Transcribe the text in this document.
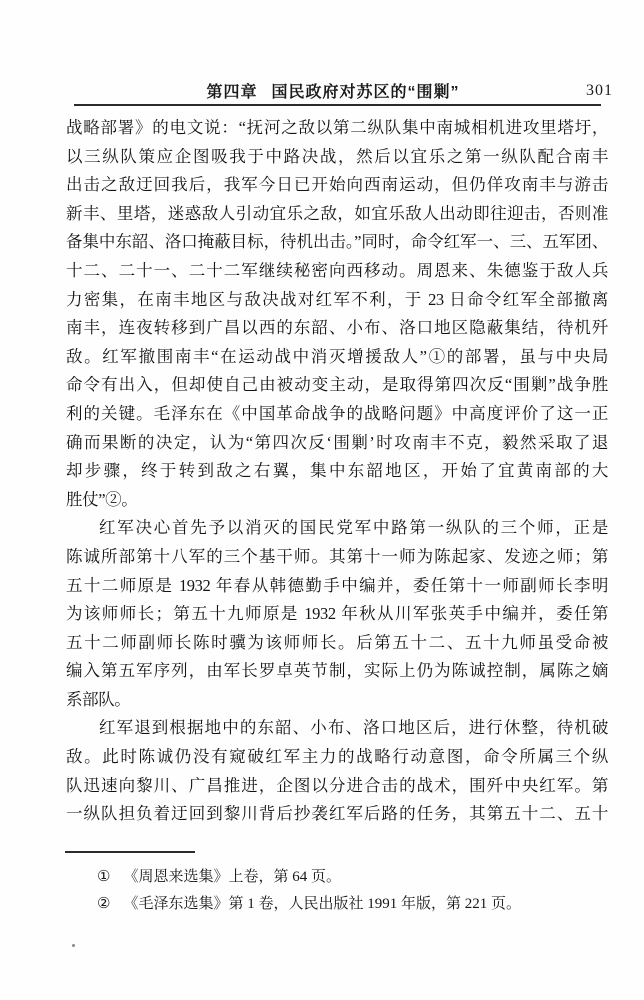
第四章 国民政府对苏区的“围剿”	301
战略部署》的电文说：“抚河之敌以第二纵队集中南城相机进攻里塔圩，
以三纵队策应企图吸我于中路决战，然后以宜乐之第一纵队配合南丰
出击之敌迂回我后，我军今日已开始向西南运动，但仍佯攻南丰与游击
新丰、里塔，迷惑敌人引动宜乐之敌，如宜乐敌人出动即往迎击，否则准
备集中东韶、洛口掩蔽目标，待机出击。”同时，命令红军一、三、五军团、
十二、二十一、二十二军继续秘密向西移动。周恩来、朱德鉴于敌人兵
力密集，在南丰地区与敌决战对红军不利，于 23 日命令红军全部撤离
南丰，连夜转移到广昌以西的东韶、小布、洛口地区隐蔽集结，待机歼
敌。红军撤围南丰“在运动战中消灭增援敌人”①的部署，虽与中央局
命令有出入，但却使自己由被动变主动，是取得第四次反“围剿”战争胜
利的关键。毛泽东在《中国革命战争的战略问题》中高度评价了这一正
确而果断的决定，认为“第四次反‘围剿’时攻南丰不克，毅然采取了退
却步骤，终于转到敌之右翼，集中东韶地区，开始了宜黄南部的大
胜仗”②。
红军决心首先予以消灭的国民党军中路第一纵队的三个师，正是
陈诚所部第十八军的三个基干师。其第十一师为陈起家、发迹之师；第
五十二师原是 1932 年春从韩德勤手中编并，委任第十一师副师长李明
为该师师长；第五十九师原是 1932 年秋从川军张英手中编并，委任第
五十二师副师长陈时骥为该师师长。后第五十二、五十九师虽受命被
编入第五军序列，由军长罗卓英节制，实际上仍为陈诚控制，属陈之嫡
系部队。
红军退到根据地中的东韶、小布、洛口地区后，进行休整，待机破
敌。此时陈诚仍没有窥破红军主力的战略行动意图，命令所属三个纵
队迅速向黎川、广昌推进，企图以分进合击的战术，围歼中央红军。第
一纵队担负着迂回到黎川背后抄袭红军后路的任务，其第五十二、五十
① 《周恩来选集》上卷，第 64 页。
② 《毛泽东选集》第 1 卷，人民出版社 1991 年版，第 221 页。
